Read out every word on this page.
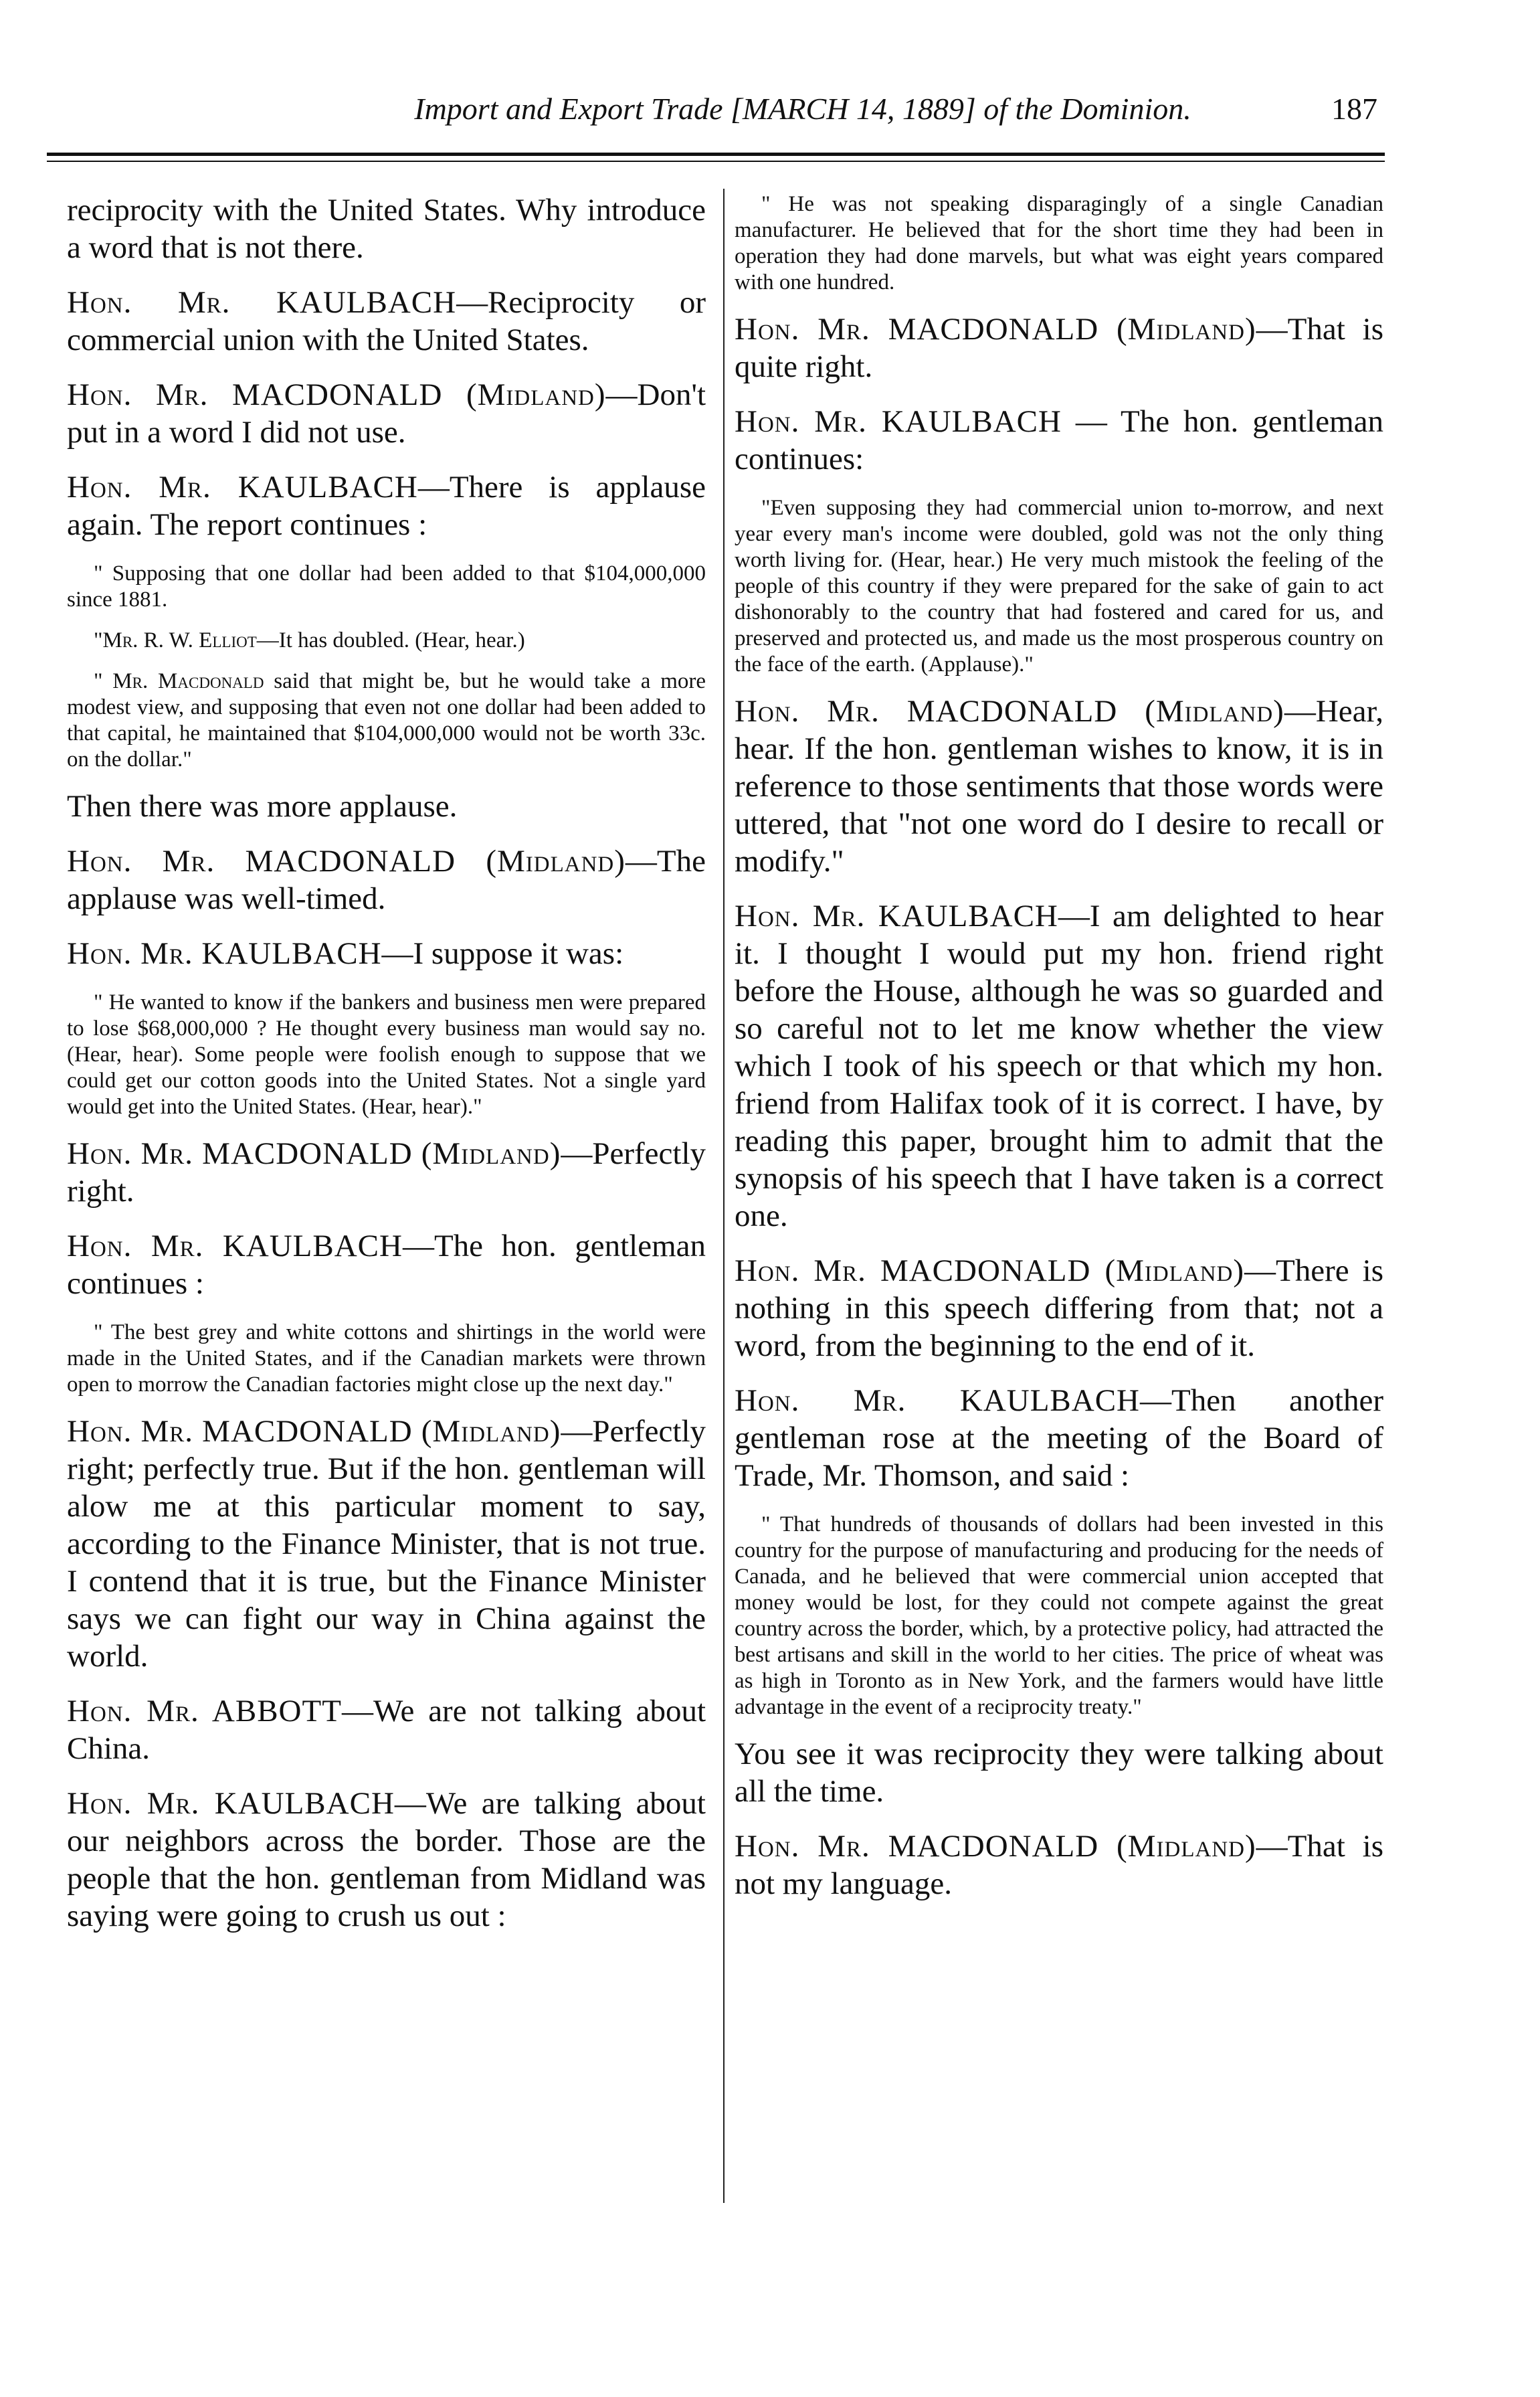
Import and Export Trade [MARCH 14, 1889] of the Dominion.	187

reciprocity with the United States. Why introduce a word that is not there.

Hon. Mr. KAULBACH—Reciprocity or commercial union with the United States.

Hon. Mr. MACDONALD (Midland)—Don't put in a word I did not use.

Hon. Mr. KAULBACH—There is applause again. The report continues :

" Supposing that one dollar had been added to that $104,000,000 since 1881.

"Mr. R. W. Elliot—It has doubled. (Hear, hear.)

" Mr. Macdonald said that might be, but he would take a more modest view, and supposing that even not one dollar had been added to that capital, he maintained that $104,000,000 would not be worth 33c. on the dollar."

Then there was more applause.

Hon. Mr. MACDONALD (Midland)—The applause was well-timed.

Hon. Mr. KAULBACH—I suppose it was:

" He wanted to know if the bankers and business men were prepared to lose $68,000,000 ? He thought every business man would say no. (Hear, hear). Some people were foolish enough to suppose that we could get our cotton goods into the United States. Not a single yard would get into the United States. (Hear, hear)."

Hon. Mr. MACDONALD (Midland)—Perfectly right.

Hon. Mr. KAULBACH—The hon. gentleman continues :

" The best grey and white cottons and shirtings in the world were made in the United States, and if the Canadian markets were thrown open to morrow the Canadian factories might close up the next day."

Hon. Mr. MACDONALD (Midland)—Perfectly right; perfectly true. But if the hon. gentleman will alow me at this particular moment to say, according to the Finance Minister, that is not true. I contend that it is true, but the Finance Minister says we can fight our way in China against the world.

Hon. Mr. ABBOTT—We are not talking about China.

Hon. Mr. KAULBACH—We are talking about our neighbors across the border. Those are the people that the hon. gentleman from Midland was saying were going to crush us out :

" He was not speaking disparagingly of a single Canadian manufacturer. He believed that for the short time they had been in operation they had done marvels, but what was eight years compared with one hundred.

Hon. Mr. MACDONALD (Midland)—That is quite right.

Hon. Mr. KAULBACH — The hon. gentleman continues:

"Even supposing they had commercial union to-morrow, and next year every man's income were doubled, gold was not the only thing worth living for. (Hear, hear.) He very much mistook the feeling of the people of this country if they were prepared for the sake of gain to act dishonorably to the country that had fostered and cared for us, and preserved and protected us, and made us the most prosperous country on the face of the earth. (Applause)."

Hon. Mr. MACDONALD (Midland)—Hear, hear. If the hon. gentleman wishes to know, it is in reference to those sentiments that those words were uttered, that "not one word do I desire to recall or modify."

Hon. Mr. KAULBACH—I am delighted to hear it. I thought I would put my hon. friend right before the House, although he was so guarded and so careful not to let me know whether the view which I took of his speech or that which my hon. friend from Halifax took of it is correct. I have, by reading this paper, brought him to admit that the synopsis of his speech that I have taken is a correct one.

Hon. Mr. MACDONALD (Midland)—There is nothing in this speech differing from that; not a word, from the beginning to the end of it.

Hon. Mr. KAULBACH—Then another gentleman rose at the meeting of the Board of Trade, Mr. Thomson, and said :

" That hundreds of thousands of dollars had been invested in this country for the purpose of manufacturing and producing for the needs of Canada, and he believed that were commercial union accepted that money would be lost, for they could not compete against the great country across the border, which, by a protective policy, had attracted the best artisans and skill in the world to her cities. The price of wheat was as high in Toronto as in New York, and the farmers would have little advantage in the event of a reciprocity treaty."

You see it was reciprocity they were talking about all the time.

Hon. Mr. MACDONALD (Midland)—That is not my language.
